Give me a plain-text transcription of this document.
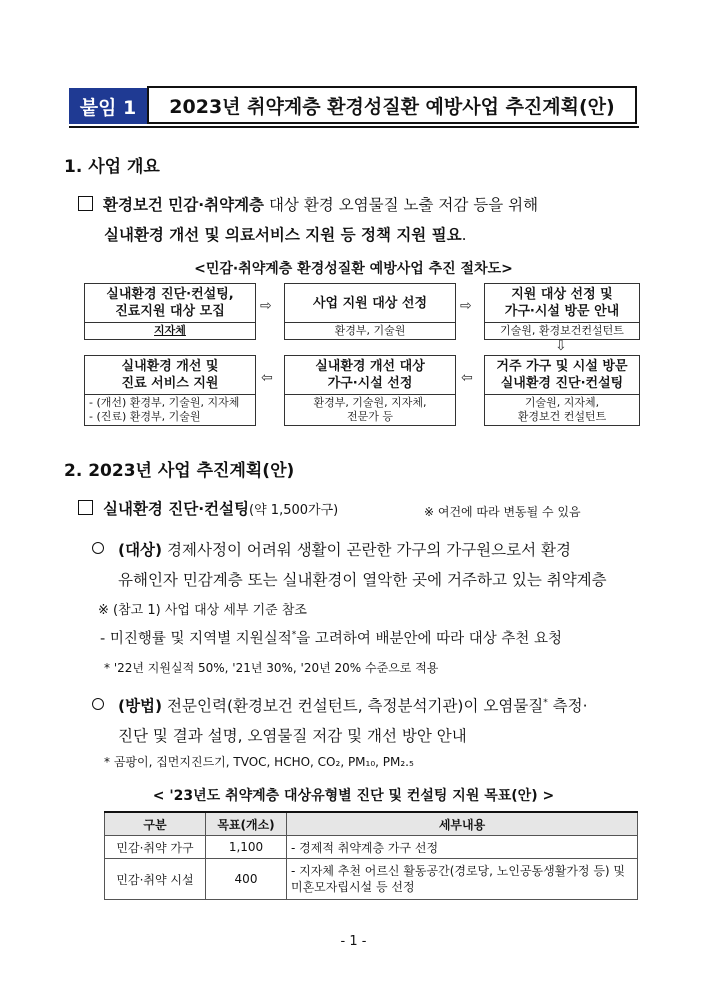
붙임 1	2023년 취약계층 환경성질환 예방사업 추진계획(안)
1. 사업 개요
환경보건 민감·취약계층 대상 환경 오염물질 노출 저감 등을 위해
실내환경 개선 및 의료서비스 지원 등 정책 지원 필요.
<민감·취약계층 환경성질환 예방사업 추진 절차도>
실내환경 진단·컨설팅,
진료지원 대상 모집
지자체
⇨	사업 지원 대상 선정
환경부, 기술원
⇨
지원 대상 선정 및
가구·시설 방문 안내
기술원, 환경보건컨설턴트
⇩
거주 가구 및 시설 방문
실내환경 진단·컨설팅
기술원, 지자체,
환경보건 컨설턴트
⇦
실내환경 개선 대상
가구·시설 선정
환경부, 기술원, 지자체,
전문가 등
⇦
실내환경 개선 및
진료 서비스 지원
- (개선) 환경부, 기술원, 지자체
- (진료) 환경부, 기술원
2. 2023년 사업 추진계획(안)
실내환경 진단·컨설팅(약 1,500가구)	※ 여건에 따라 변동될 수 있음
(대상) 경제사정이 어려워 생활이 곤란한 가구의 가구원으로서 환경
유해인자 민감계층 또는 실내환경이 열악한 곳에 거주하고 있는 취약계층
※ (참고 1) 사업 대상 세부 기준 참조
- 미진행률 및 지역별 지원실적*을 고려하여 배분안에 따라 대상 추천 요청
* '22년 지원실적 50%, '21년 30%, '20년 20% 수준으로 적용
(방법) 전문인력(환경보건 컨설턴트, 측정분석기관)이 오염물질* 측정·
진단 및 결과 설명, 오염물질 저감 및 개선 방안 안내
* 곰팡이, 집먼지진드기, TVOC, HCHO, CO₂, PM₁₀, PM₂.₅
< '23년도 취약계층 대상유형별 진단 및 컨설팅 지원 목표(안) >
구분	목표(개소)	세부내용
민감·취약 가구	1,100	- 경제적 취약계층 가구 선정
민감·취약 시설	400	- 지자체 추천 어르신 활동공간(경로당, 노인공동생활가정 등) 및 미혼모자립시설 등 선정
- 1 -
